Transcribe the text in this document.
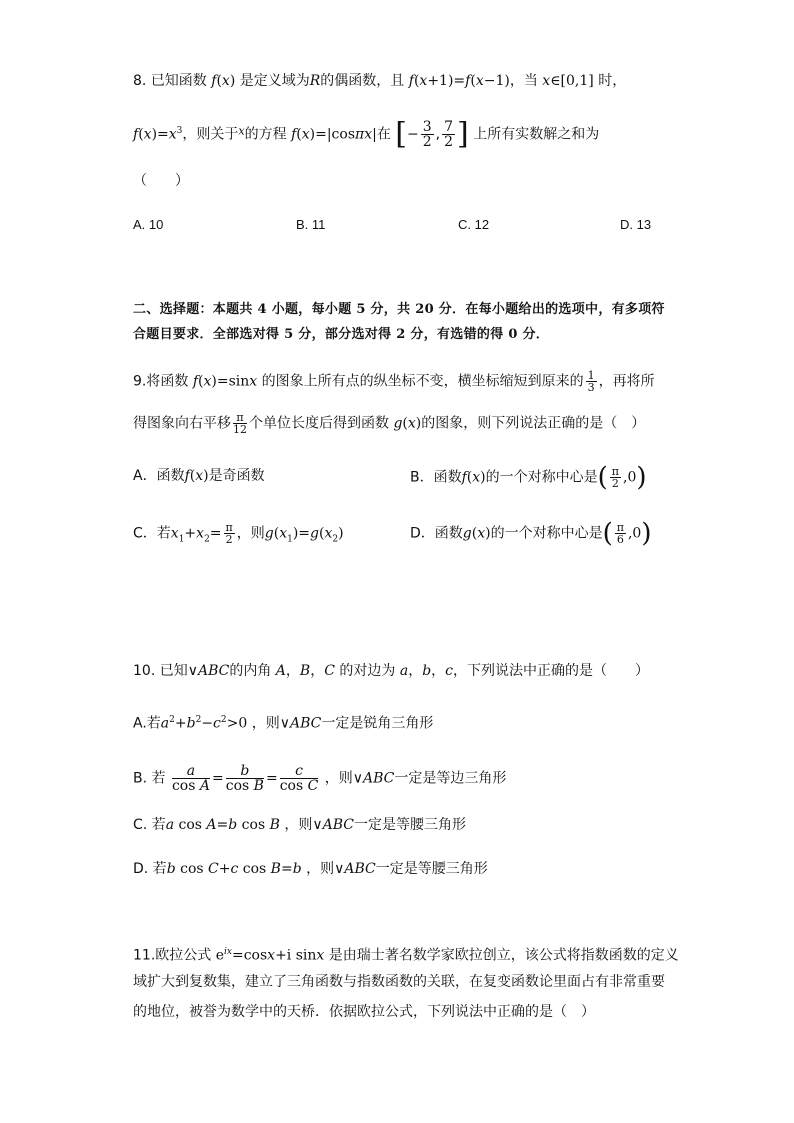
8. 已知函数 f(x) 是定义域为R的偶函数，且 f(x+1)=f(x−1)，当 x∈[0,1] 时，
$f(x)=x^3$，则关于$^x$的方程 f(x)=|cosπx|在 [− $\frac{3}{2}$ , $\frac{7}{2}$ ] 上所有实数解之和为
（　　）
A. 10	B. 11	C. 12	D. 13
二、选择题：本题共 4 小题，每小题 5 分，共 20 分．在每小题给出的选项中，有多项符
合题目要求．全部选对得 5 分，部分选对得 2 分，有选错的得 0 分．
9.将函数 f(x)=sinx 的图象上所有点的纵坐标不变，横坐标缩短到原来的 $\frac{1}{3}$ ，再将所
得图象向右平移 $\frac{\pi}{12}$ 个单位长度后得到函数 g(x)的图象，则下列说法正确的是（　）
A．函数f(x)是奇函数	B．函数f(x)的一个对称中心是( $\frac{\pi}{2} ,0$)
C．若$x_1+x_2= \frac{\pi}{2}$ ，则$g(x_1)=g(x_2)$	D．函数g(x)的一个对称中心是( $\frac{\pi}{6} ,0$)
10. 已知∨ABC的内角 A，B，C 的对边为 a，b，c，下列说法中正确的是（　　）
A.若$a^2+b^2-c^2>0$ ，则∨ABC一定是锐角三角形
B. 若 $\frac{a}{\text{cos A}} = \frac{b}{\text{cos B}} = \frac{c}{\text{cos C}}$ ，则∨ABC一定是等边三角形
C. 若a cos A=b cos B ，则∨ABC一定是等腰三角形
D. 若b cos C+c cos B=b ，则∨ABC一定是等腰三角形
11.欧拉公式 $e^{ix}=\cos x+i$ sinx 是由瑞士著名数学家欧拉创立，该公式将指数函数的定义
域扩大到复数集，建立了三角函数与指数函数的关联，在复变函数论里面占有非常重要
的地位，被誉为数学中的天桥．依据欧拉公式，下列说法中正确的是（　）
